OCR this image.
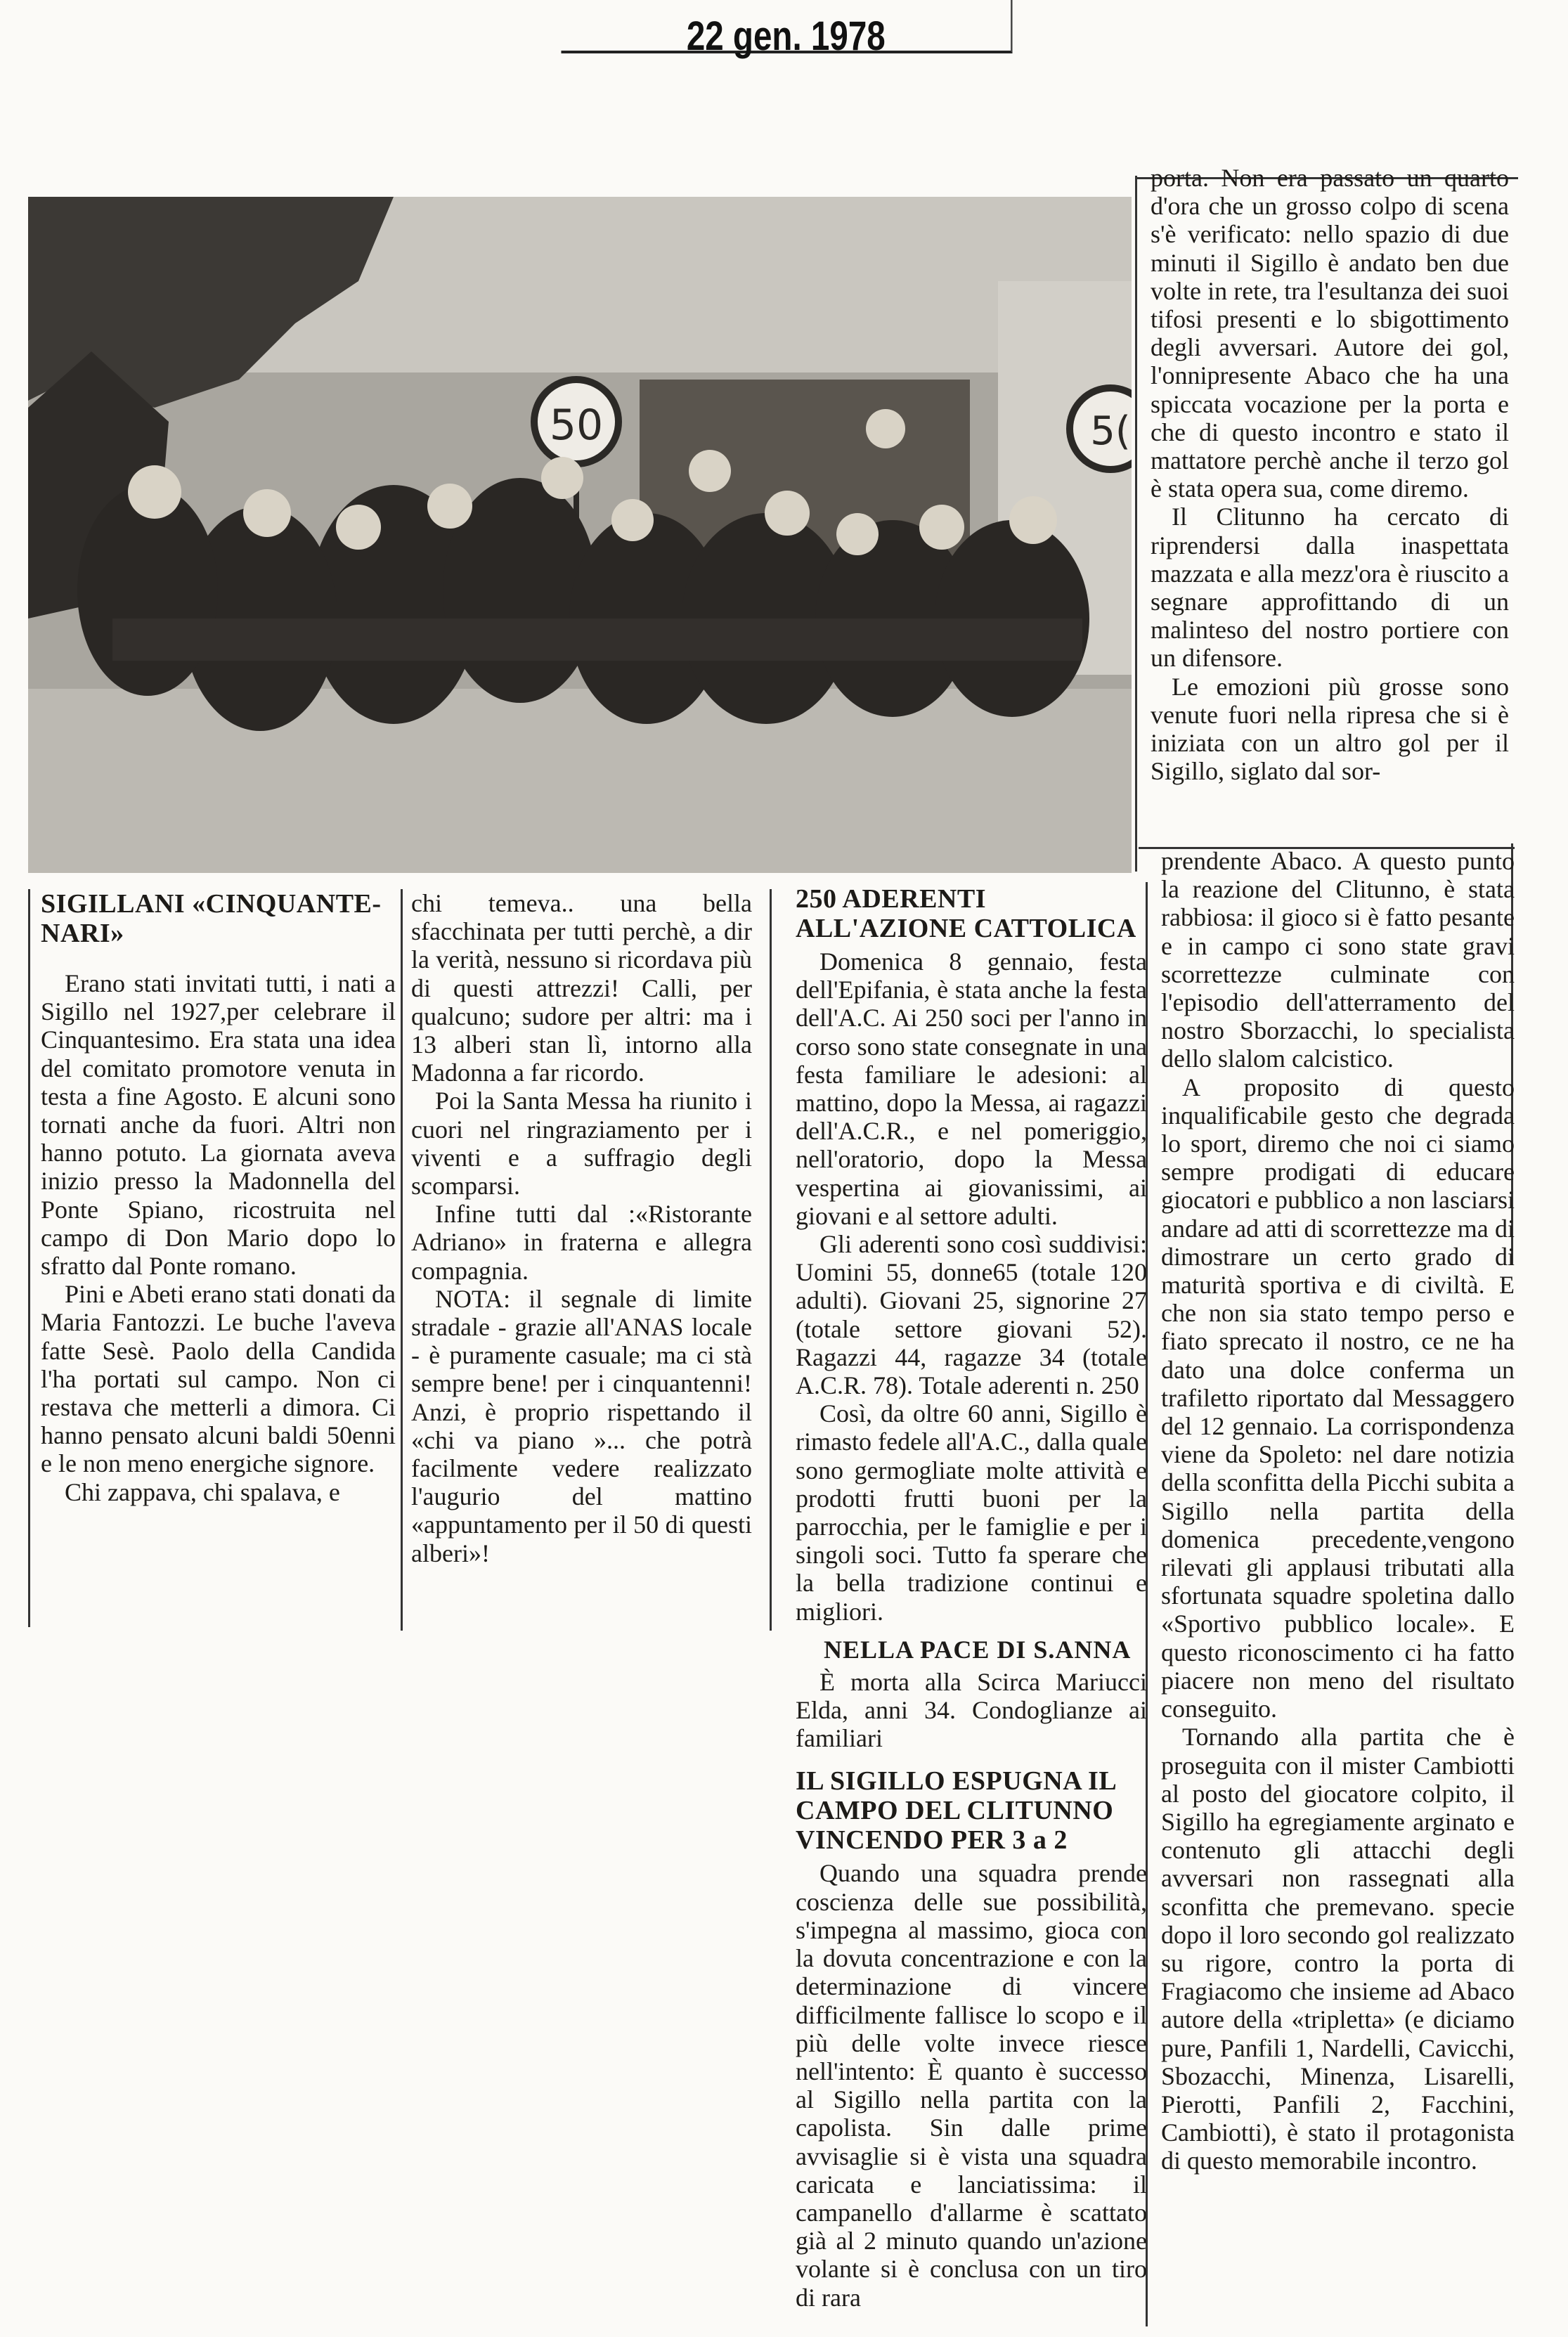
22 gen. 1978
50	5(
SIGILLANI «CINQUANTE-NARI»

Erano stati invitati tutti, i nati a Sigillo nel 1927,per celebrare il Cinquantesimo. Era stata una idea del comitato promotore venuta in testa a fine Agosto. E alcuni sono tornati anche da fuori. Altri non hanno potuto. La giornata aveva inizio presso la Madonnella del Ponte Spiano, ricostruita nel campo di Don Mario dopo lo sfratto dal Ponte romano.

Pini e Abeti erano stati donati da Maria Fantozzi. Le buche l'aveva fatte Sesè. Paolo della Candida l'ha portati sul campo. Non ci restava che metterli a dimora. Ci hanno pensato alcuni baldi 50enni e le non meno energiche signore.

Chi zappava, chi spalava, e

chi temeva.. una bella sfacchinata per tutti perchè, a dir la verità, nessuno si ricordava più di questi attrezzi! Calli, per qualcuno; sudore per altri: ma i 13 alberi stan lì, intorno alla Madonna a far ricordo.

Poi la Santa Messa ha riunito i cuori nel ringraziamento per i viventi e a suffragio degli scomparsi.

Infine tutti dal :«Ristorante Adriano» in fraterna e allegra compagnia.

NOTA: il segnale di limite stradale - grazie all'ANAS locale - è puramente casuale; ma ci stà sempre bene! per i cinquantenni! Anzi, è proprio rispettando il «chi va piano »... che potrà facilmente vedere realizzato l'augurio del mattino «appuntamento per il 50 di questi alberi»!

250 ADERENTI ALL'AZIONE CATTOLICA

Domenica 8 gennaio, festa dell'Epifania, è stata anche la festa dell'A.C. Ai 250 soci per l'anno in corso sono state consegnate in una festa familiare le adesioni: al mattino, dopo la Messa, ai ragazzi dell'A.C.R., e nel pomeriggio, nell'oratorio, dopo la Messa vespertina ai giovanissimi, ai giovani e al settore adulti.

Gli aderenti sono così suddivisi: Uomini 55, donne65 (totale 120 adulti). Giovani 25, signorine 27 (totale settore giovani 52). Ragazzi 44, ragazze 34 (totale A.C.R. 78). Totale aderenti n. 250

Così, da oltre 60 anni, Sigillo è rimasto fedele all'A.C., dalla quale sono germogliate molte attività e prodotti frutti buoni per la parrocchia, per le famiglie e per i singoli soci. Tutto fa sperare che la bella tradizione continui e migliori.

NELLA PACE DI S.ANNA

È morta alla Scirca Mariucci Elda, anni 34. Condoglianze ai familiari

IL SIGILLO ESPUGNA IL CAMPO DEL CLITUNNO VINCENDO PER 3 a 2

Quando una squadra prende coscienza delle sue possibilità, s'impegna al massimo, gioca con la dovuta concentrazione e con la determinazione di vincere difficilmente fallisce lo scopo e il più delle volte invece riesce nell'intento: È quanto è successo al Sigillo nella partita con la capolista. Sin dalle prime avvisaglie si è vista una squadra caricata e lanciatissima: il campanello d'allarme è scattato già al 2 minuto quando un'azione volante si è conclusa con un tiro di rara

porta. Non era passato un quarto d'ora che un grosso colpo di scena s'è verificato: nello spazio di due minuti il Sigillo è andato ben due volte in rete, tra l'esultanza dei suoi tifosi presenti e lo sbigottimento degli avversari. Autore dei gol, l'onnipresente Abaco che ha una spiccata vocazione per la porta e che di questo incontro e stato il mattatore perchè anche il terzo gol è stata opera sua, come diremo.

Il Clitunno ha cercato di riprendersi dalla inaspettata mazzata e alla mezz'ora è riuscito a segnare approfittando di un malinteso del nostro portiere con un difensore.

Le emozioni più grosse sono venute fuori nella ripresa che si è iniziata con un altro gol per il Sigillo, siglato dal sor-

prendente Abaco. A questo punto la reazione del Clitunno, è stata rabbiosa: il gioco si è fatto pesante e in campo ci sono state gravi scorrettezze culminate con l'episodio dell'atterramento del nostro Sborzacchi, lo specialista dello slalom calcistico.

A proposito di questo inqualificabile gesto che degrada lo sport, diremo che noi ci siamo sempre prodigati di educare giocatori e pubblico a non lasciarsi andare ad atti di scorrettezze ma di dimostrare un certo grado di maturità sportiva e di civiltà. E che non sia stato tempo perso e fiato sprecato il nostro, ce ne ha dato una dolce conferma un trafiletto riportato dal Messaggero del 12 gennaio. La corrispondenza viene da Spoleto: nel dare notizia della sconfitta della Picchi subita a Sigillo nella partita della domenica precedente,vengono rilevati gli applausi tributati alla sfortunata squadre spoletina dallo «Sportivo pubblico locale». E questo riconoscimento ci ha fatto piacere non meno del risultato conseguito.

Tornando alla partita che è proseguita con il mister Cambiotti al posto del giocatore colpito, il Sigillo ha egregiamente arginato e contenuto gli attacchi degli avversari non rassegnati alla sconfitta che premevano. specie dopo il loro secondo gol realizzato su rigore, contro la porta di Fragiacomo che insieme ad Abaco autore della «tripletta» (e diciamo pure, Panfili 1, Nardelli, Cavicchi, Sbozacchi, Minenza, Lisarelli, Pierotti, Panfili 2, Facchini, Cambiotti), è stato il protagonista di questo memorabile incontro.
